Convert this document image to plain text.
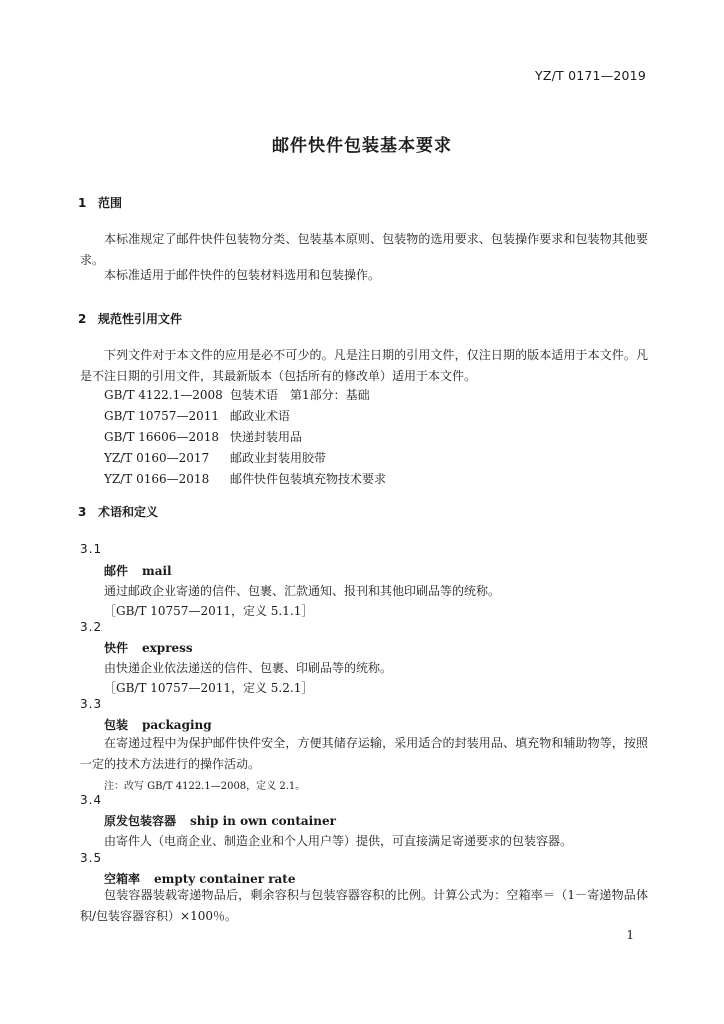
YZ/T 0171—2019
邮件快件包装基本要求
1 范围

本标准规定了邮件快件包装物分类、包装基本原则、包装物的选用要求、包装操作要求和包装物其他要求。

本标准适用于邮件快件的包装材料选用和包装操作。

2 规范性引用文件

下列文件对于本文件的应用是必不可少的。凡是注日期的引用文件，仅注日期的版本适用于本文件。凡是不注日期的引用文件，其最新版本（包括所有的修改单）适用于本文件。

GB/T 4122.1—2008 包装术语　第1部分：基础
GB/T 10757—2011 邮政业术语
GB/T 16606—2018 快递封装用品
YZ/T 0160—2017 邮政业封装用胶带
YZ/T 0166—2018 邮件快件包装填充物技术要求
3 术语和定义
3.1
邮件 mail
通过邮政企业寄递的信件、包裹、汇款通知、报刊和其他印刷品等的统称。
［GB/T 10757—2011，定义 5.1.1］
3.2
快件 express
由快递企业依法递送的信件、包裹、印刷品等的统称。
［GB/T 10757—2011，定义 5.2.1］
3.3
包装 packaging

在寄递过程中为保护邮件快件安全，方便其储存运输，采用适合的封装用品、填充物和辅助物等，按照一定的技术方法进行的操作活动。

注：改写 GB/T 4122.1—2008，定义 2.1。
3.4
原发包装容器 ship in own container
由寄件人（电商企业、制造企业和个人用户等）提供，可直接满足寄递要求的包装容器。
3.5
空箱率 empty container rate

包装容器装载寄递物品后，剩余容积与包装容器容积的比例。计算公式为：空箱率＝（1－寄递物品体积/包装容器容积）×100％。

1
